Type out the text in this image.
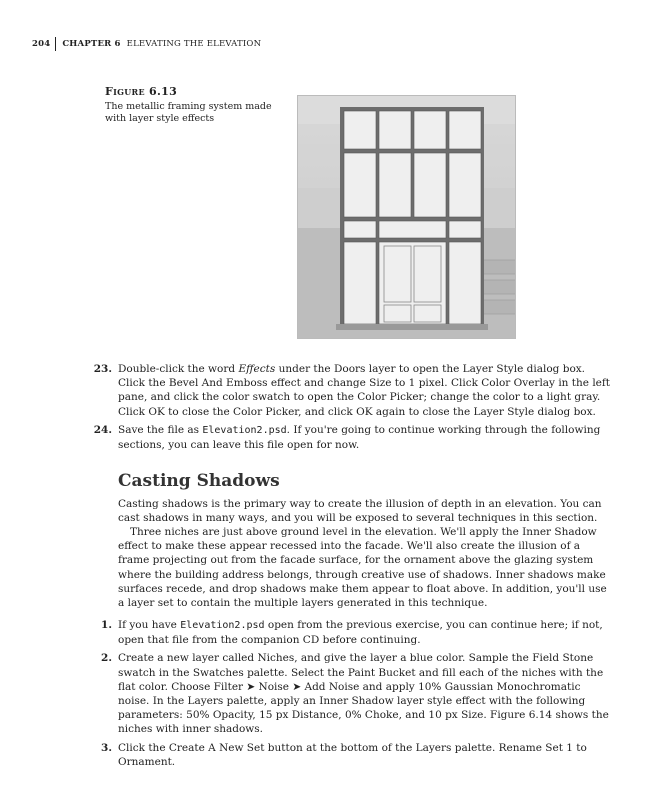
204	CHAPTER 6 ELEVATING THE ELEVATION
Figure 6.13
The metallic framing system made with layer style effects
23. Double-click the word Effects under the Doors layer to open the Layer Style dialog box. Click the Bevel And Emboss effect and change Size to 1 pixel. Click Color Overlay in the left pane, and click the color swatch to open the Color Picker; change the color to a light gray. Click OK to close the Color Picker, and click OK again to close the Layer Style dialog box.
24. Save the file as Elevation2.psd. If you're going to continue working through the following sections, you can leave this file open for now.
Casting Shadows

Casting shadows is the primary way to create the illusion of depth in an elevation. You can cast shadows in many ways, and you will be exposed to several techniques in this section.

Three niches are just above ground level in the elevation. We'll apply the Inner Shadow effect to make these appear recessed into the facade. We'll also create the illusion of a frame projecting out from the facade surface, for the ornament above the glazing system where the building address belongs, through creative use of shadows. Inner shadows make surfaces recede, and drop shadows make them appear to float above. In addition, you'll use a layer set to contain the multiple layers generated in this technique.

1. If you have Elevation2.psd open from the previous exercise, you can continue here; if not, open that file from the companion CD before continuing.
2. Create a new layer called Niches, and give the layer a blue color. Sample the Field Stone swatch in the Swatches palette. Select the Paint Bucket and fill each of the niches with the flat color. Choose Filter ➤ Noise ➤ Add Noise and apply 10% Gaussian Monochromatic noise. In the Layers palette, apply an Inner Shadow layer style effect with the following parameters: 50% Opacity, 15 px Distance, 0% Choke, and 10 px Size. Figure 6.14 shows the niches with inner shadows.
3. Click the Create A New Set button at the bottom of the Layers palette. Rename Set 1 to Ornament.
